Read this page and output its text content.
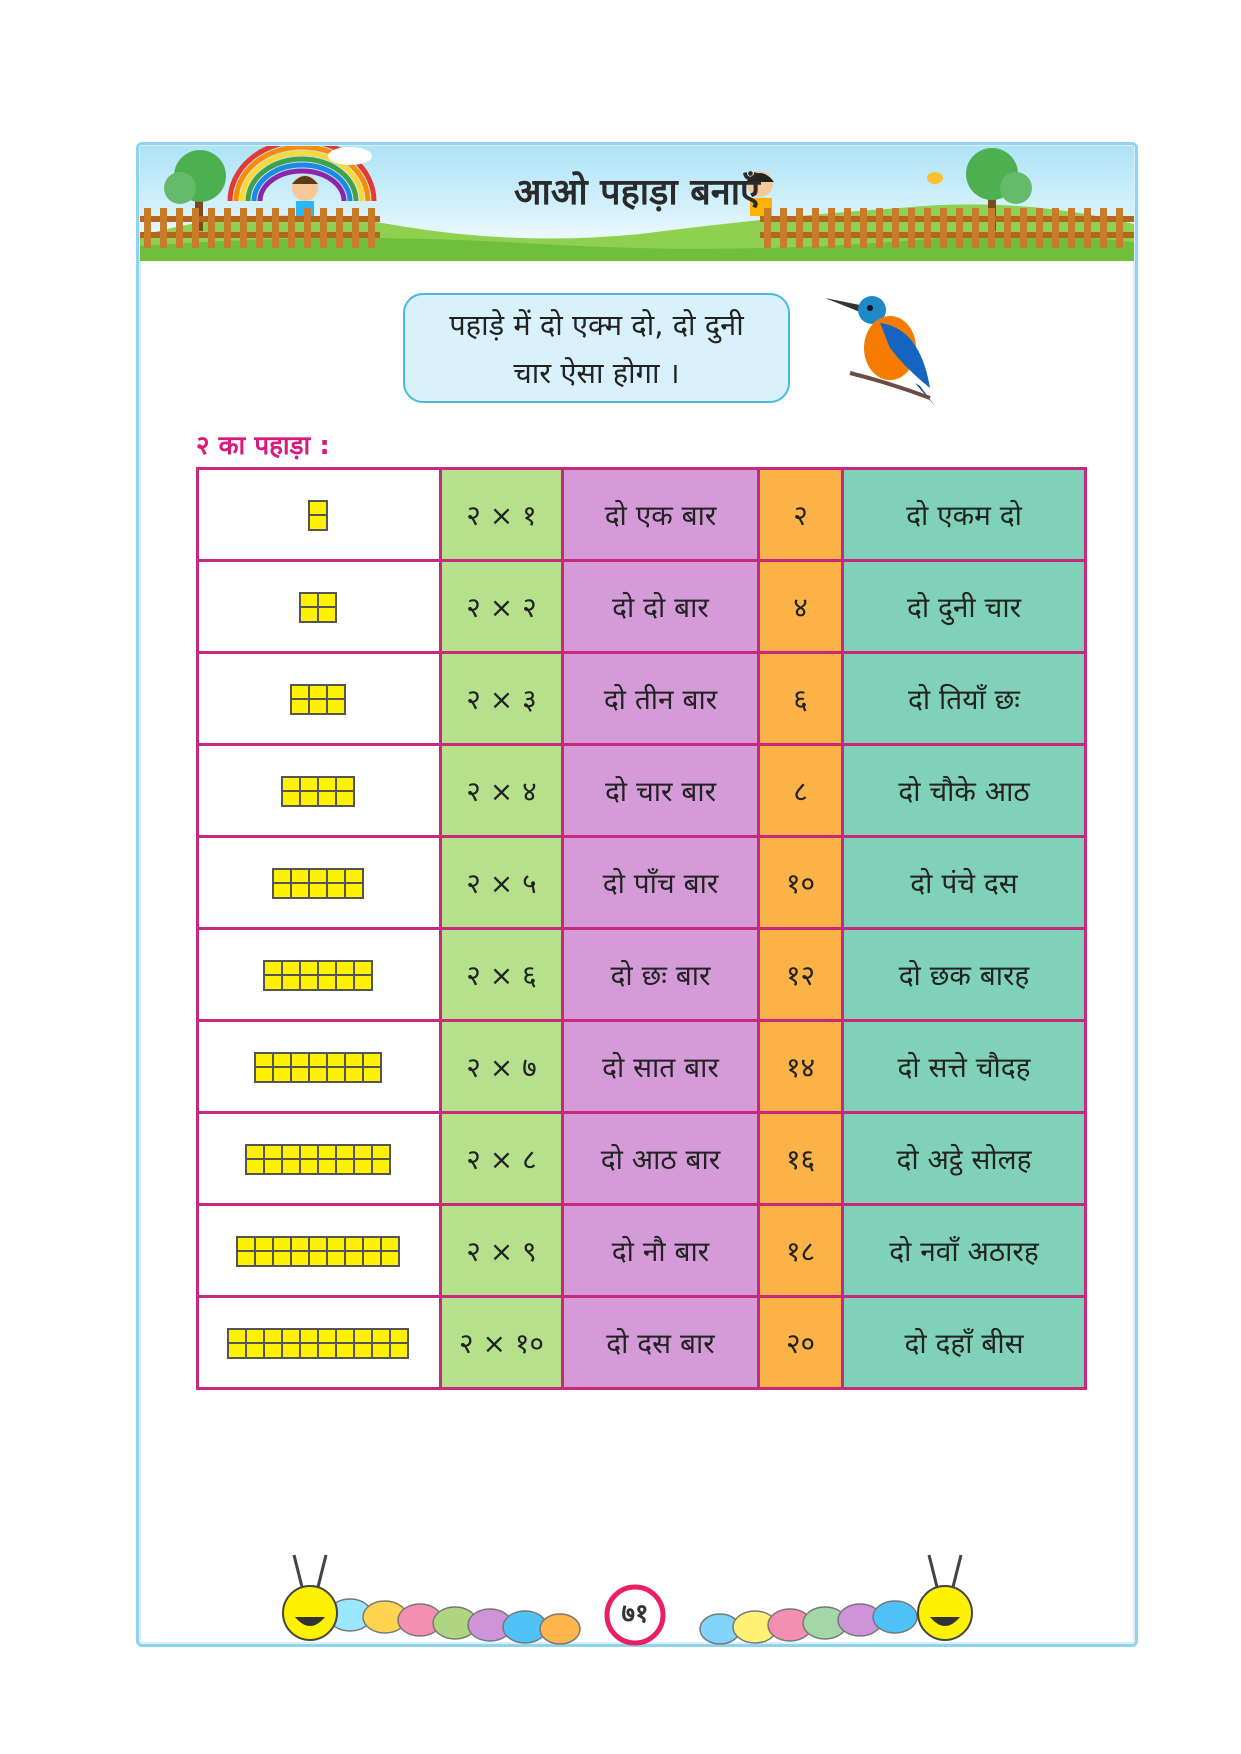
आओ पहाड़ा बनाएँ
पहाड़े में दो एक्म दो, दो दुनी
चार ऐसा होगा ।
२ का पहाड़ा :
	२ × १	दो एक बार	२	दो एकम दो

	२ × २	दो दो बार	४	दो दुनी चार

	२ × ३	दो तीन बार	६	दो तियाँ छः

	२ × ४	दो चार बार	८	दो चौके आठ

	२ × ५	दो पाँच बार	१०	दो पंचे दस

	२ × ६	दो छः बार	१२	दो छक बारह

	२ × ७	दो सात बार	१४	दो सत्ते चौदह

	२ × ८	दो आठ बार	१६	दो अट्ठे सोलह

	२ × ९	दो नौ बार	१८	दो नवाँ अठारह

	२ × १०	दो दस बार	२०	दो दहाँ बीस
७१
